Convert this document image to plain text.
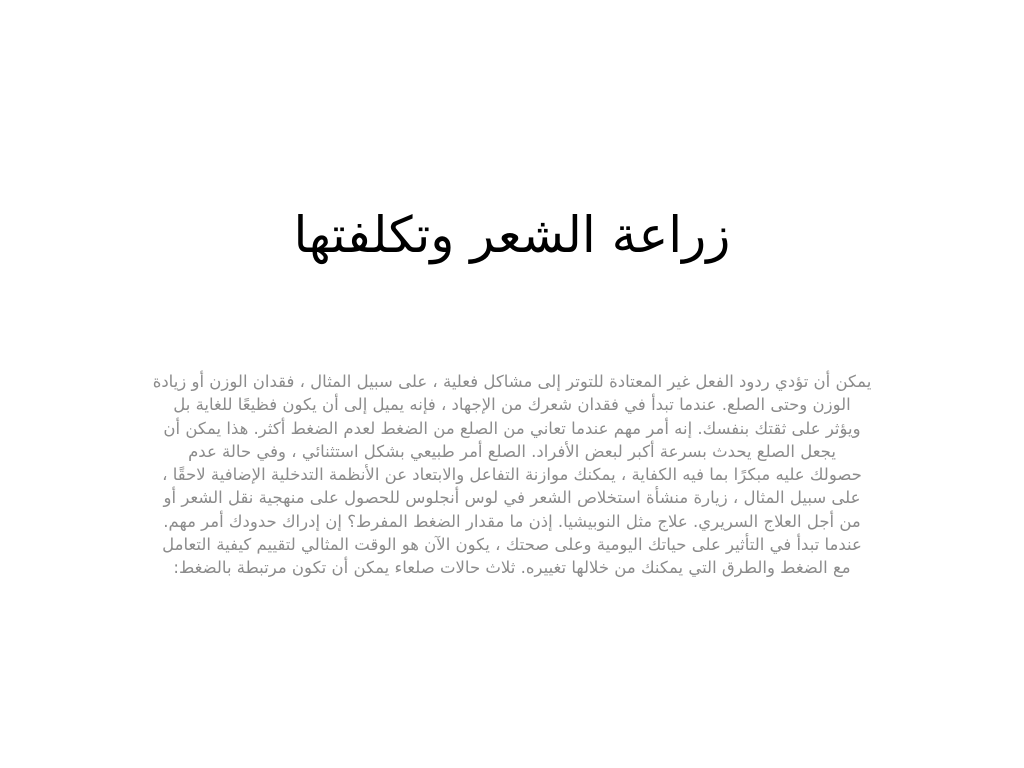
زراعة الشعر وتكلفتها
يمكن أن تؤدي ردود الفعل غير المعتادة للتوتر إلى مشاكل فعلية ، على سبيل المثال ، فقدان الوزن أو زيادة
الوزن وحتى الصلع. عندما تبدأ في فقدان شعرك من الإجهاد ، فإنه يميل إلى أن يكون فظيعًا للغاية بل
ويؤثر على ثقتك بنفسك. إنه أمر مهم عندما تعاني من الصلع من الضغط لعدم الضغط أكثر. هذا يمكن أن
يجعل الصلع يحدث بسرعة أكبر لبعض الأفراد. الصلع أمر طبيعي بشكل استثنائي ، وفي حالة عدم
حصولك عليه مبكرًا بما فيه الكفاية ، يمكنك موازنة التفاعل والابتعاد عن الأنظمة التدخلية الإضافية لاحقًا ،
على سبيل المثال ، زيارة منشأة استخلاص الشعر في لوس أنجلوس للحصول على منهجية نقل الشعر أو
من أجل العلاج السريري. علاج مثل النوبيشيا. إذن ما مقدار الضغط المفرط؟ إن إدراك حدودك أمر مهم.
عندما تبدأ في التأثير على حياتك اليومية وعلى صحتك ، يكون الآن هو الوقت المثالي لتقييم كيفية التعامل
مع الضغط والطرق التي يمكنك من خلالها تغييره. ثلاث حالات صلعاء يمكن أن تكون مرتبطة بالضغط:
